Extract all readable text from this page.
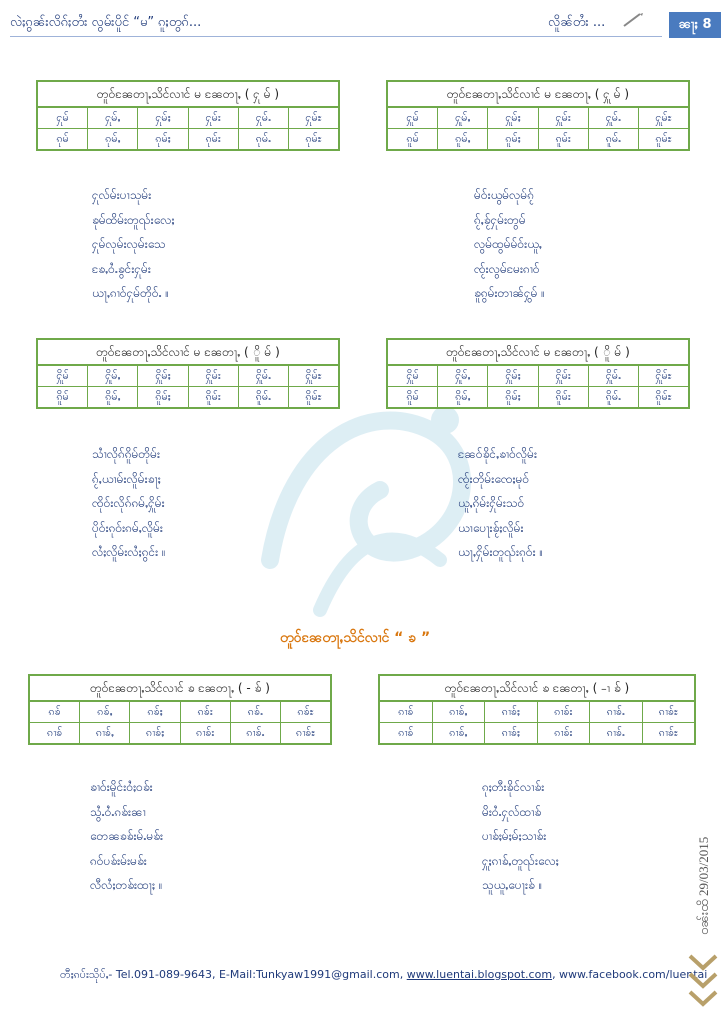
လဲႈၵွၼ်းလိၵ်ႈတႆး လွမ်းပိူင် “မ” ၵူႈတွၵ်...	လိူၼ်တႆး ...	ၼႃႈ 8
တူဝ်ၼႄတႃႇသိင်လၢင် မ ၼႄတႃႇ ( ႁု မ် )
ႁုမ်	ႁုမ်ႇ	ႁုမ်ႈ	ႁုမ်း	ႁုမ်ႉ	ႁုမ်ႊ
ၵုမ်	ၵုမ်ႇ	ၵုမ်ႈ	ၵုမ်း	ၵုမ်ႉ	ၵုမ်ႊ
တူဝ်ၼႄတႃႇသိင်လၢင် မ ၼႄတႃႇ ( ႁူ မ် )
ႁူမ်	ႁူမ်ႇ	ႁူမ်ႈ	ႁူမ်း	ႁူမ်ႉ	ႁူမ်ႊ
ၵူမ်	ၵူမ်ႇ	ၵူမ်ႈ	ၵူမ်း	ၵူမ်ႉ	ၵူမ်ႊ
ႁုလ်မ်းပၢသုမ်း
ၶုမ်ထိမ်းတူၺ်းလေႈ
ႁုမ်လုမ်းလုမ်းသေ
ၶႄႇဝႆႉၶွင်းႁုမ်း
ယႃႇၵၢဝ်ႁုမ်တိုဝ်ႉ ။
မ်ဝ်းယွမ်လုမ်ၵႂ်
ၵႂ်ႇၶႂ်ႁုမ်းတွမ်
လွမ်ထွမ်မ်ဝ်းယူႇ
ၸႂ်းလွမ်မႄးၵၢဝ်
ၶူၵွမ်းတၢၼ်ႁွမ် ။
တူဝ်ၼႄတႃႇသိင်လၢင် မ ၼႄတႃႇ ( ိူ မ် )
ႁိူမ်	ႁိူမ်ႇ	ႁိူမ်ႈ	ႁိူမ်း	ႁိူမ်ႉ	ႁိူမ်ႊ
ၵိူမ်	ၵိူမ်ႇ	ၵိူမ်ႈ	ၵိူမ်း	ၵိူမ်ႉ	ၵိူမ်ႊ
တူဝ်ၼႄတႃႇသိင်လၢင် မ ၼႄတႃႇ ( ိူ မ် )
ႁိူမ်	ႁိူမ်ႇ	ႁိူမ်ႈ	ႁိူမ်း	ႁိူမ်ႉ	ႁိူမ်ႊ
ၵိူမ်	ၵိူမ်ႇ	ၵိူမ်ႈ	ၵိူမ်း	ၵိူမ်ႉ	ၵိူမ်ႊ
သၢႆလိုၵ်ၵိူမ်တိုမ်း
ၵႂ်ႇယၢမ်းလိူမ်းၶႃႈ
ၸိုဝ်းလိုၵ်ၵမ်ႇႁိူမ်း
ပိုဝ်းၵုဝ်းၵမ်ႇလိူမ်း
လႆႈလိူမ်းလႆႈၵွင်း ။
ၼႄဝ်ၶိုင်ႇၶၢဝ်လိူမ်း
ၸႂ်းတိုမ်းၸေႈမုဝ်
ယူႇၵိုမ်းႁိုမ်းသဝ်
ယၢပေႃးၶႂ်ႈလိူမ်း
ယႃႇႁိုမ်းတူၺ်းၵုဝ်း ။
တူဝ်ၼႄတႃႇသိင်လၢင် “ ၶ ”
တူဝ်ၼႄတႃႇသိင်လၢင် ၶ ၼႄတႃႇ ( - ၶ် )
ၵၶ်	ၵၶ်ႇ	ၵၶ်ႈ	ၵၶ်း	ၵၶ်ႉ	ၵၶ်ႊ
ၵၢၶ်	ၵၢၶ်ႇ	ၵၢၶ်ႈ	ၵၢၶ်း	ၵၢၶ်ႉ	ၵၢၶ်ႊ
တူဝ်ၼႄတႃႇသိင်လၢင် ၶ ၼႄတႃႇ ( -ၢ ၶ် )
ၵၢၶ်	ၵၢၶ်ႇ	ၵၢၶ်ႈ	ၵၢၶ်း	ၵၢၶ်ႉ	ၵၢၶ်ႊ
ၵၢၶ်	ၵၢၶ်ႇ	ၵၢၶ်ႈ	ၵၢၶ်း	ၵၢၶ်ႉ	ၵၢၶ်ႊ
ၶၢဝ်းမိူင်းဝႆႈဝၶ်း
သွႆႉဝႆႉၵၶ်းၼၢ
တေၼၶၶ်းမ်ႉမၶ်း
ၵဝ်ပၶ်းမ်းမၶ်း
လီလႆႈတၶ်းထႃႈ ။
ၵုႈတီးၶိုင်လၢၶ်း
မိးဝႆႉႁုလ်ထၢၶ်
ပၢၶ်ႈမ်ႈမ်ႈသၢၶ်း
ႁူႈၵၢၶ်ႇတူၺ်းလေႈ
သူယူႇပေႃးၶ် ။	ဝၼ်းထိ 29/03/2015
တီႈၵပ်းသိုပ်ႇ- Tel.091-089-9643, E-Mail:Tunkyaw1991@gmail.com, www.luentai.blogspot.com, www.facebook.com/luentai
